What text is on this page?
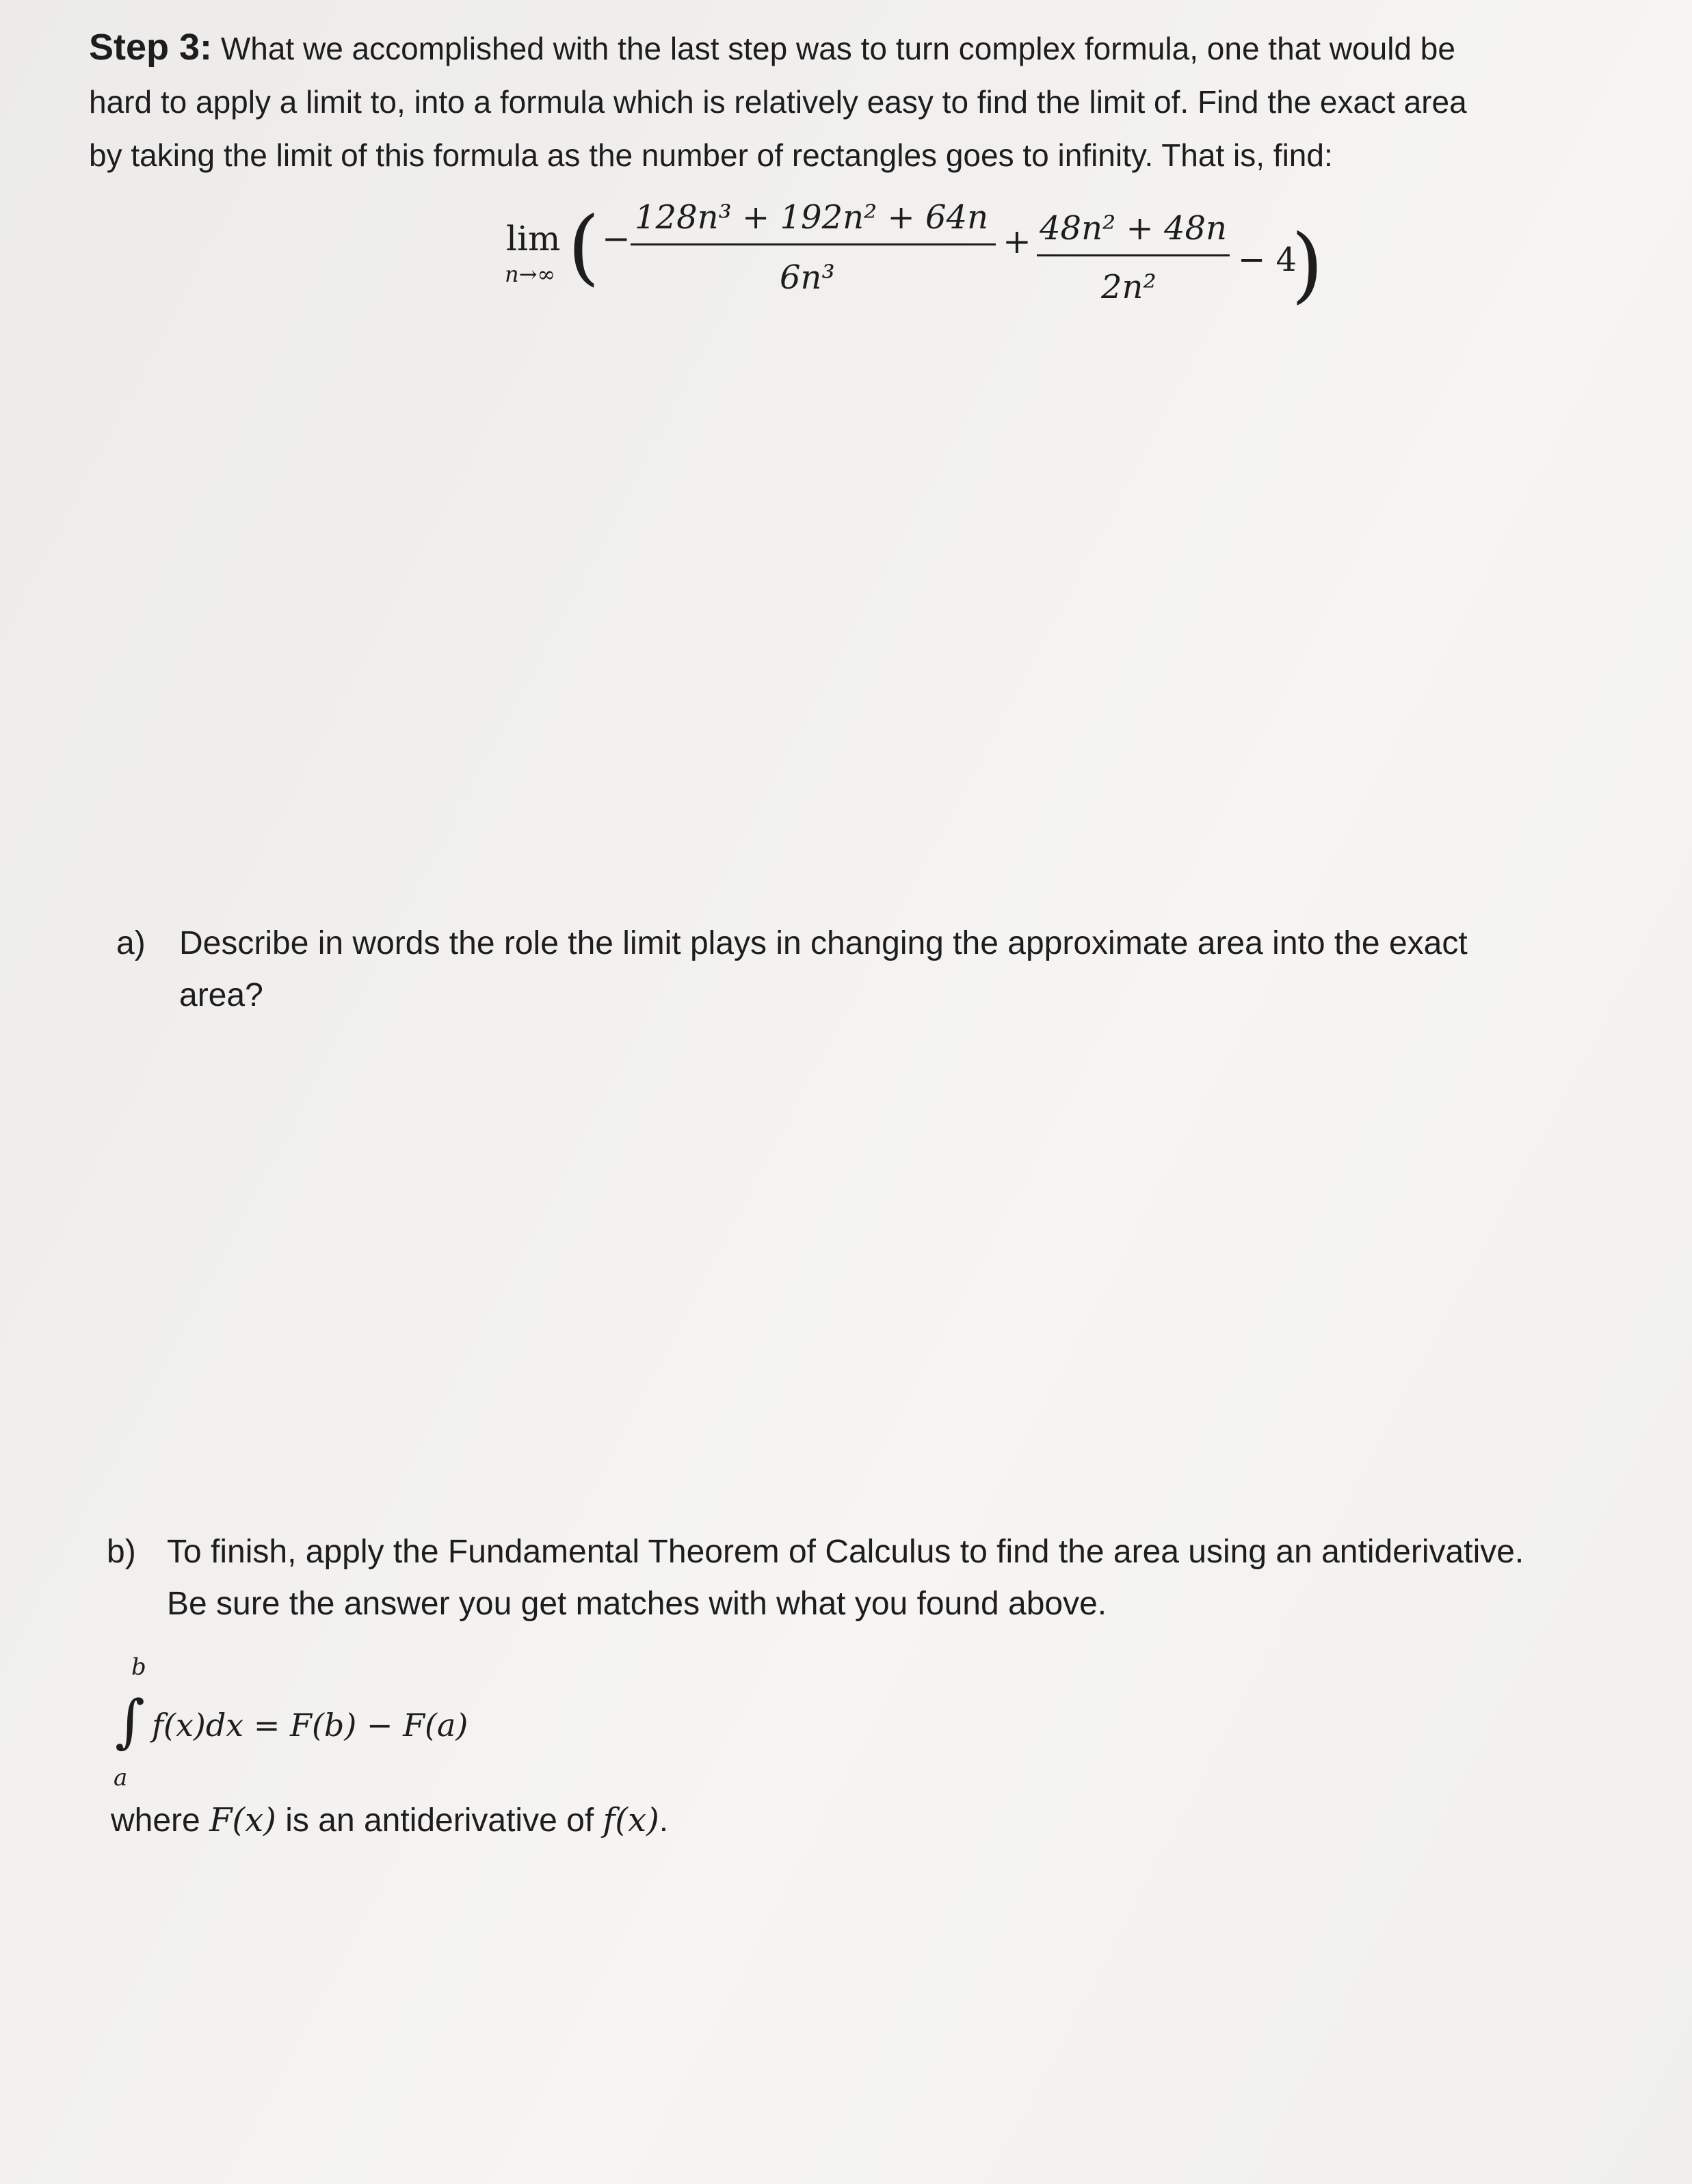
Step 3: What we accomplished with the last step was to turn complex formula, one that would be
hard to apply a limit to, into a formula which is relatively easy to find the limit of. Find the exact area
by taking the limit of this formula as the number of rectangles goes to infinity. That is, find:
lim
n→∞ ( −
128n³ + 192n² + 64n
6n³
+ 48n² + 48n
2n²
− 4
)
a) Describe in words the role the limit plays in changing the approximate area into the exact
area?
b) To finish, apply the Fundamental Theorem of Calculus to find the area using an antiderivative.
Be sure the answer you get matches with what you found above.
b
∫
a
f(x)dx = F(b) − F(a)
where F(x) is an antiderivative of f(x).
